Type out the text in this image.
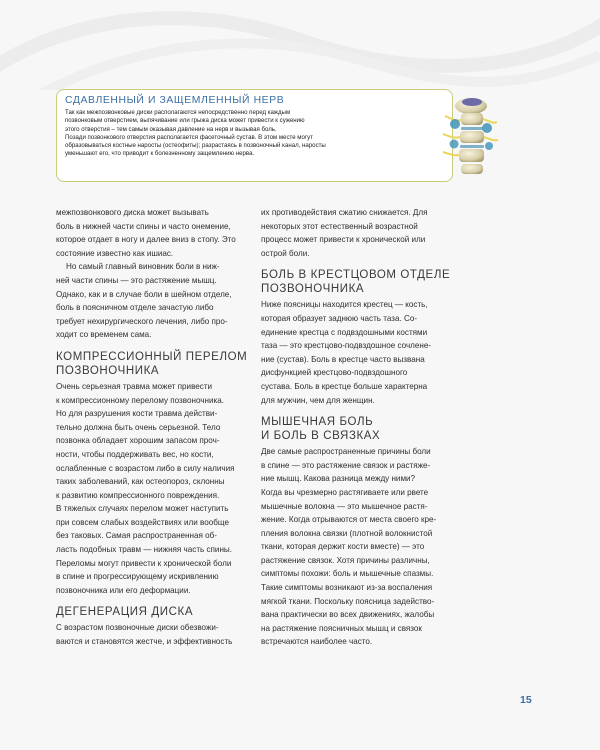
СДАВЛЕННЫЙ И ЗАЩЕМЛЕННЫЙ НЕРВ

Так как межпозвонковые диски располагаются непосредственно перед каждым
позвонковым отверстием, выпячивание или грыжа диска может привести к сужению
этого отверстия – тем самым оказывая давление на нерв и вызывая боль.
Позади позвонкового отверстия располагается фасеточный сустав. В этом месте могут
образовываться костные наросты (остеофиты); разрастаясь в позвоночный канал, наросты
уменьшают его, что приводит к болезненному защемлению нерва.

межпозвонкового диска может вызывать
боль в нижней части спины и часто онемение,
которое отдает в ногу и далее вниз в стопу. Это
состояние известно как ишиас.

Но самый главный виновник боли в ниж-
ней части спины — это растяжение мышц.
Однако, как и в случае боли в шейном отделе,
боль в поясничном отделе зачастую либо
требует нехирургического лечения, либо про-
ходит со временем сама.

КОМПРЕССИОННЫЙ ПЕРЕЛОМ
ПОЗВОНОЧНИКА

Очень серьезная травма может привести
к компрессионному перелому позвоночника.
Но для разрушения кости травма действи-
тельно должна быть очень серьезной. Тело
позвонка обладает хорошим запасом проч-
ности, чтобы поддерживать вес, но кости,
ослабленные с возрастом либо в силу наличия
таких заболеваний, как остеопороз, склонны
к развитию компрессионного повреждения.

В тяжелых случаях перелом может наступить
при совсем слабых воздействиях или вообще
без таковых. Самая распространенная об-
ласть подобных травм — нижняя часть спины.
Переломы могут привести к хронической боли
в спине и прогрессирующему искривлению
позвоночника или его деформации.

ДЕГЕНЕРАЦИЯ ДИСКА

С возрастом позвоночные диски обезвожи-
ваются и становятся жестче, и эффективность

их противодействия сжатию снижается. Для
некоторых этот естественный возрастной
процесс может привести к хронической или
острой боли.

БОЛЬ В КРЕСТЦОВОМ ОТДЕЛЕ
ПОЗВОНОЧНИКА

Ниже поясницы находится крестец — кость,
которая образует заднюю часть таза. Со-
единение крестца с подвздошными костями
таза — это крестцово-подвздошное сочлене-
ние (сустав). Боль в крестце часто вызвана
дисфункцией крестцово-подвздошного
сустава. Боль в крестце больше характерна
для мужчин, чем для женщин.

МЫШЕЧНАЯ БОЛЬ
И БОЛЬ В СВЯЗКАХ

Две самые распространенные причины боли
в спине — это растяжение связок и растяже-
ние мышц. Какова разница между ними?
Когда вы чрезмерно растягиваете или рвете
мышечные волокна — это мышечное растя-
жение. Когда отрываются от места своего кре-
пления волокна связки (плотной волокнистой
ткани, которая держит кости вместе) — это
растяжение связок. Хотя причины различны,
симптомы похожи: боль и мышечные спазмы.
Такие симптомы возникают из-за воспаления
мягкой ткани. Поскольку поясница задейство-
вана практически во всех движениях, жалобы
на растяжение поясничных мышц и связок
встречаются наиболее часто.

15
